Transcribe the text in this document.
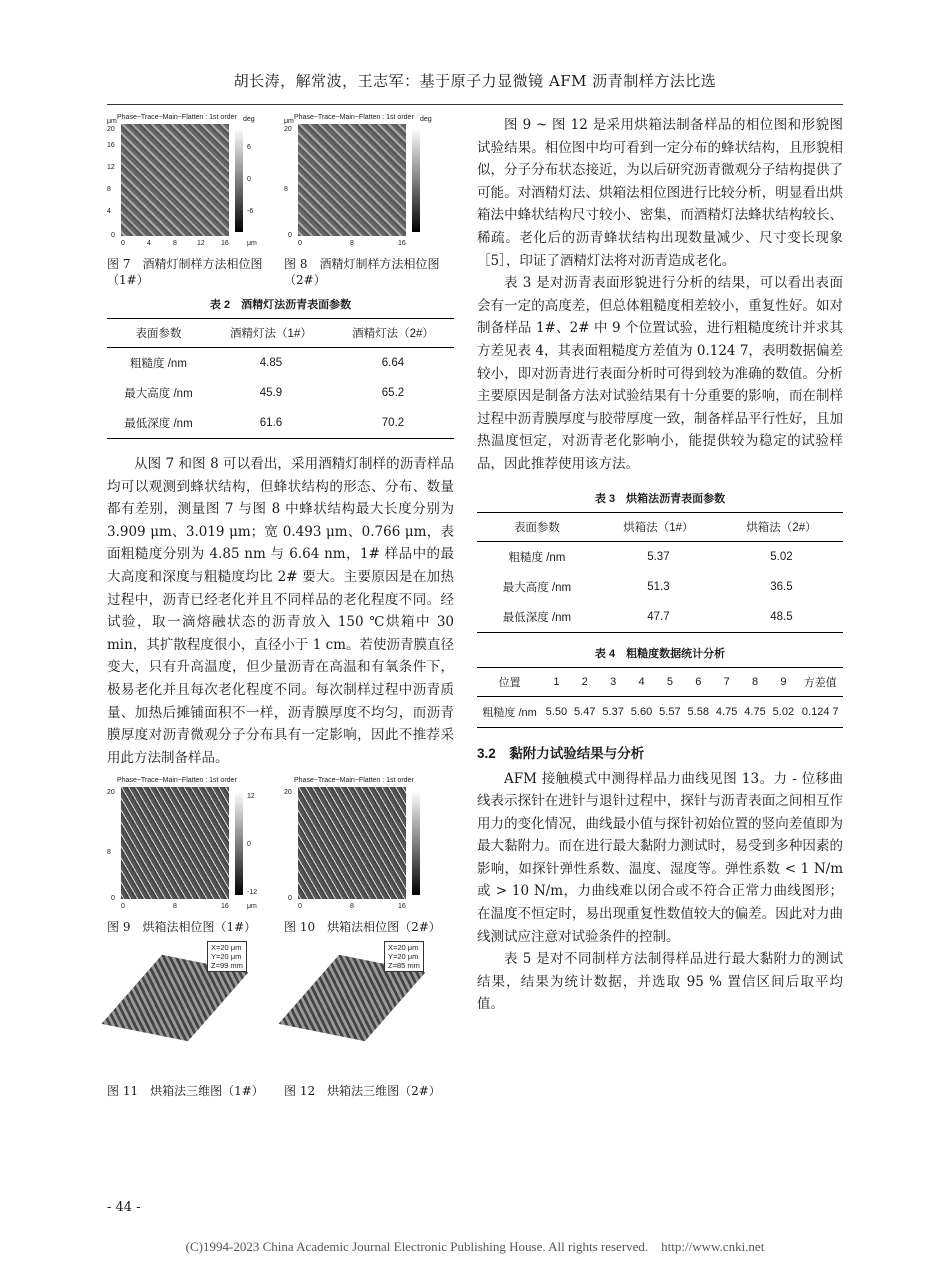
胡长涛，解常波，王志军：基于原子力显微镜 AFM 沥青制样方法比选
Phase~Trace~Main~Flatten : 1st order
μm	deg
0	4	8	12 16	μm
20
16
12
8
4
0
6
0
-6
图 7　酒精灯制样方法相位图（1#）
Phase~Trace~Main~Flatten : 1st order
μm	deg
0	8	16
20
8
0
图 8　酒精灯制样方法相位图（2#）
表 2　酒精灯法沥青表面参数
表面参数	酒精灯法（1#）	酒精灯法（2#）
粗糙度 /nm	4.85	6.64
最大高度 /nm	45.9	65.2
最低深度 /nm	61.6	70.2

从图 7 和图 8 可以看出，采用酒精灯制样的沥青样品均可以观测到蜂状结构，但蜂状结构的形态、分布、数量都有差别，测量图 7 与图 8 中蜂状结构最大长度分别为 3.909 μm、3.019 μm；宽 0.493 μm、0.766 μm，表面粗糙度分别为 4.85 nm 与 6.64 nm，1# 样品中的最大高度和深度与粗糙度均比 2# 要大。主要原因是在加热过程中，沥青已经老化并且不同样品的老化程度不同。经试验，取一滴熔融状态的沥青放入 150 ℃烘箱中 30 min，其扩散程度很小，直径小于 1 cm。若使沥青膜直径变大，只有升高温度，但少量沥青在高温和有氧条件下，极易老化并且每次老化程度不同。每次制样过程中沥青质量、加热后摊铺面积不一样，沥青膜厚度不均匀，而沥青膜厚度对沥青微观分子分布具有一定影响，因此不推荐采用此方法制备样品。

Phase~Trace~Main~Flatten : 1st order
0	8	16	μm
20
8
0
12
0
-12
图 9　烘箱法相位图（1#）
Phase~Trace~Main~Flatten : 1st order
0	8	16
20
0
图 10　烘箱法相位图（2#）
X=20 μm
Y=20 μm
Z=99 mm
图 11　烘箱法三维图（1#）
X=20 μm
Y=20 μm
Z=85 mm
图 12　烘箱法三维图（2#）

图 9 ~ 图 12 是采用烘箱法制备样品的相位图和形貌图试验结果。相位图中均可看到一定分布的蜂状结构，且形貌相似，分子分布状态接近，为以后研究沥青微观分子结构提供了可能。对酒精灯法、烘箱法相位图进行比较分析，明显看出烘箱法中蜂状结构尺寸较小、密集，而酒精灯法蜂状结构较长、稀疏。老化后的沥青蜂状结构出现数量减少、尺寸变长现象［5］，印证了酒精灯法将对沥青造成老化。

表 3 是对沥青表面形貌进行分析的结果，可以看出表面会有一定的高度差，但总体粗糙度相差较小，重复性好。如对制备样品 1#、2# 中 9 个位置试验，进行粗糙度统计并求其方差见表 4，其表面粗糙度方差值为 0.124 7，表明数据偏差较小，即对沥青进行表面分析时可得到较为准确的数值。分析主要原因是制备方法对试验结果有十分重要的影响，而在制样过程中沥青膜厚度与胶带厚度一致，制备样品平行性好，且加热温度恒定，对沥青老化影响小，能提供较为稳定的试验样品，因此推荐使用该方法。

表 3　烘箱法沥青表面参数
表面参数	烘箱法（1#）	烘箱法（2#）
粗糙度 /nm	5.37	5.02
最大高度 /nm	51.3	36.5
最低深度 /nm	47.7	48.5
表 4　粗糙度数据统计分析
位置	1	2	3	4	5	6	7	8	9	方差值
粗糙度 /nm	5.50	5.47	5.37	5.60	5.57	5.58	4.75	4.75	5.02	0.124 7
3.2　黏附力试验结果与分析

AFM 接触模式中测得样品力曲线见图 13。力 - 位移曲线表示探针在进针与退针过程中，探针与沥青表面之间相互作用力的变化情况，曲线最小值与探针初始位置的竖向差值即为最大黏附力。而在进行最大黏附力测试时，易受到多种因素的影响，如探针弹性系数、温度、湿度等。弹性系数 < 1 N/m 或 > 10 N/m，力曲线难以闭合或不符合正常力曲线图形；在温度不恒定时，易出现重复性数值较大的偏差。因此对力曲线测试应注意对试验条件的控制。

表 5 是对不同制样方法制得样品进行最大黏附力的测试结果，结果为统计数据，并选取 95 % 置信区间后取平均值。

- 44 -
(C)1994-2023 China Academic Journal Electronic Publishing House. All rights reserved.　http://www.cnki.net
